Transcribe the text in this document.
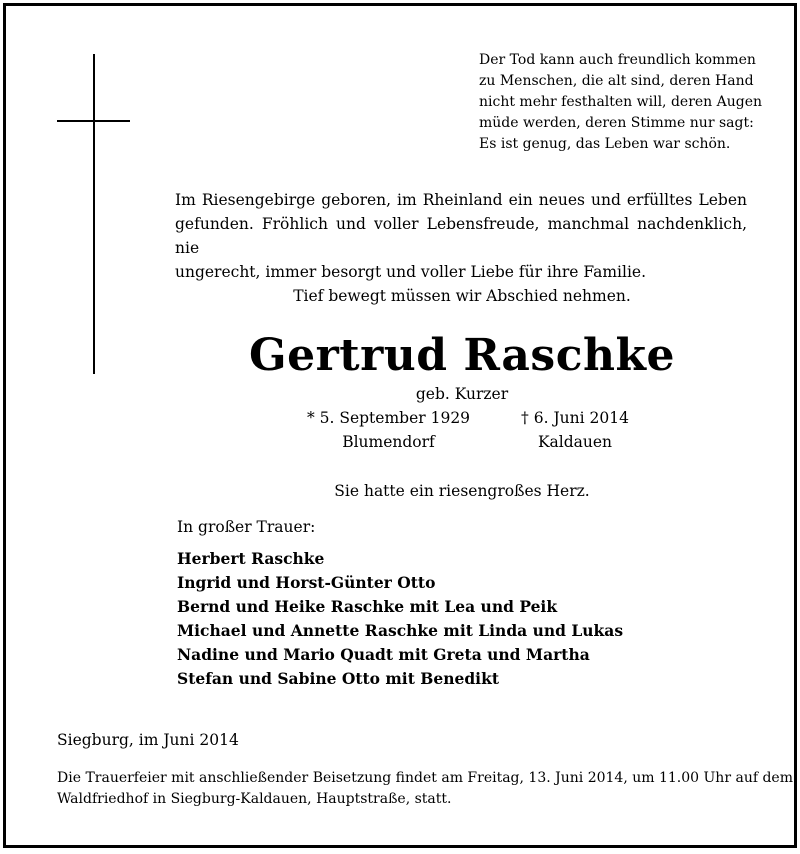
Der Tod kann auch freundlich kommen
zu Menschen, die alt sind, deren Hand
nicht mehr festhalten will, deren Augen
müde werden, deren Stimme nur sagt:
Es ist genug, das Leben war schön.
Im Riesengebirge geboren, im Rheinland ein neues und erfülltes Leben
gefunden. Fröhlich und voller Lebensfreude, manchmal nachdenklich, nie
ungerecht, immer besorgt und voller Liebe für ihre Familie.
Tief bewegt müssen wir Abschied nehmen.
Gertrud Raschke
geb. Kurzer
* 5. September 1929
Blumendorf
† 6. Juni 2014
Kaldauen
Sie hatte ein riesengroßes Herz.
In großer Trauer:
Herbert Raschke
Ingrid und Horst-Günter Otto
Bernd und Heike Raschke mit Lea und Peik
Michael und Annette Raschke mit Linda und Lukas
Nadine und Mario Quadt mit Greta und Martha
Stefan und Sabine Otto mit Benedikt
Siegburg, im Juni 2014
Die Trauerfeier mit anschließender Beisetzung findet am Freitag, 13. Juni 2014, um 11.00 Uhr auf dem
Waldfriedhof in Siegburg-Kaldauen, Hauptstraße, statt.
